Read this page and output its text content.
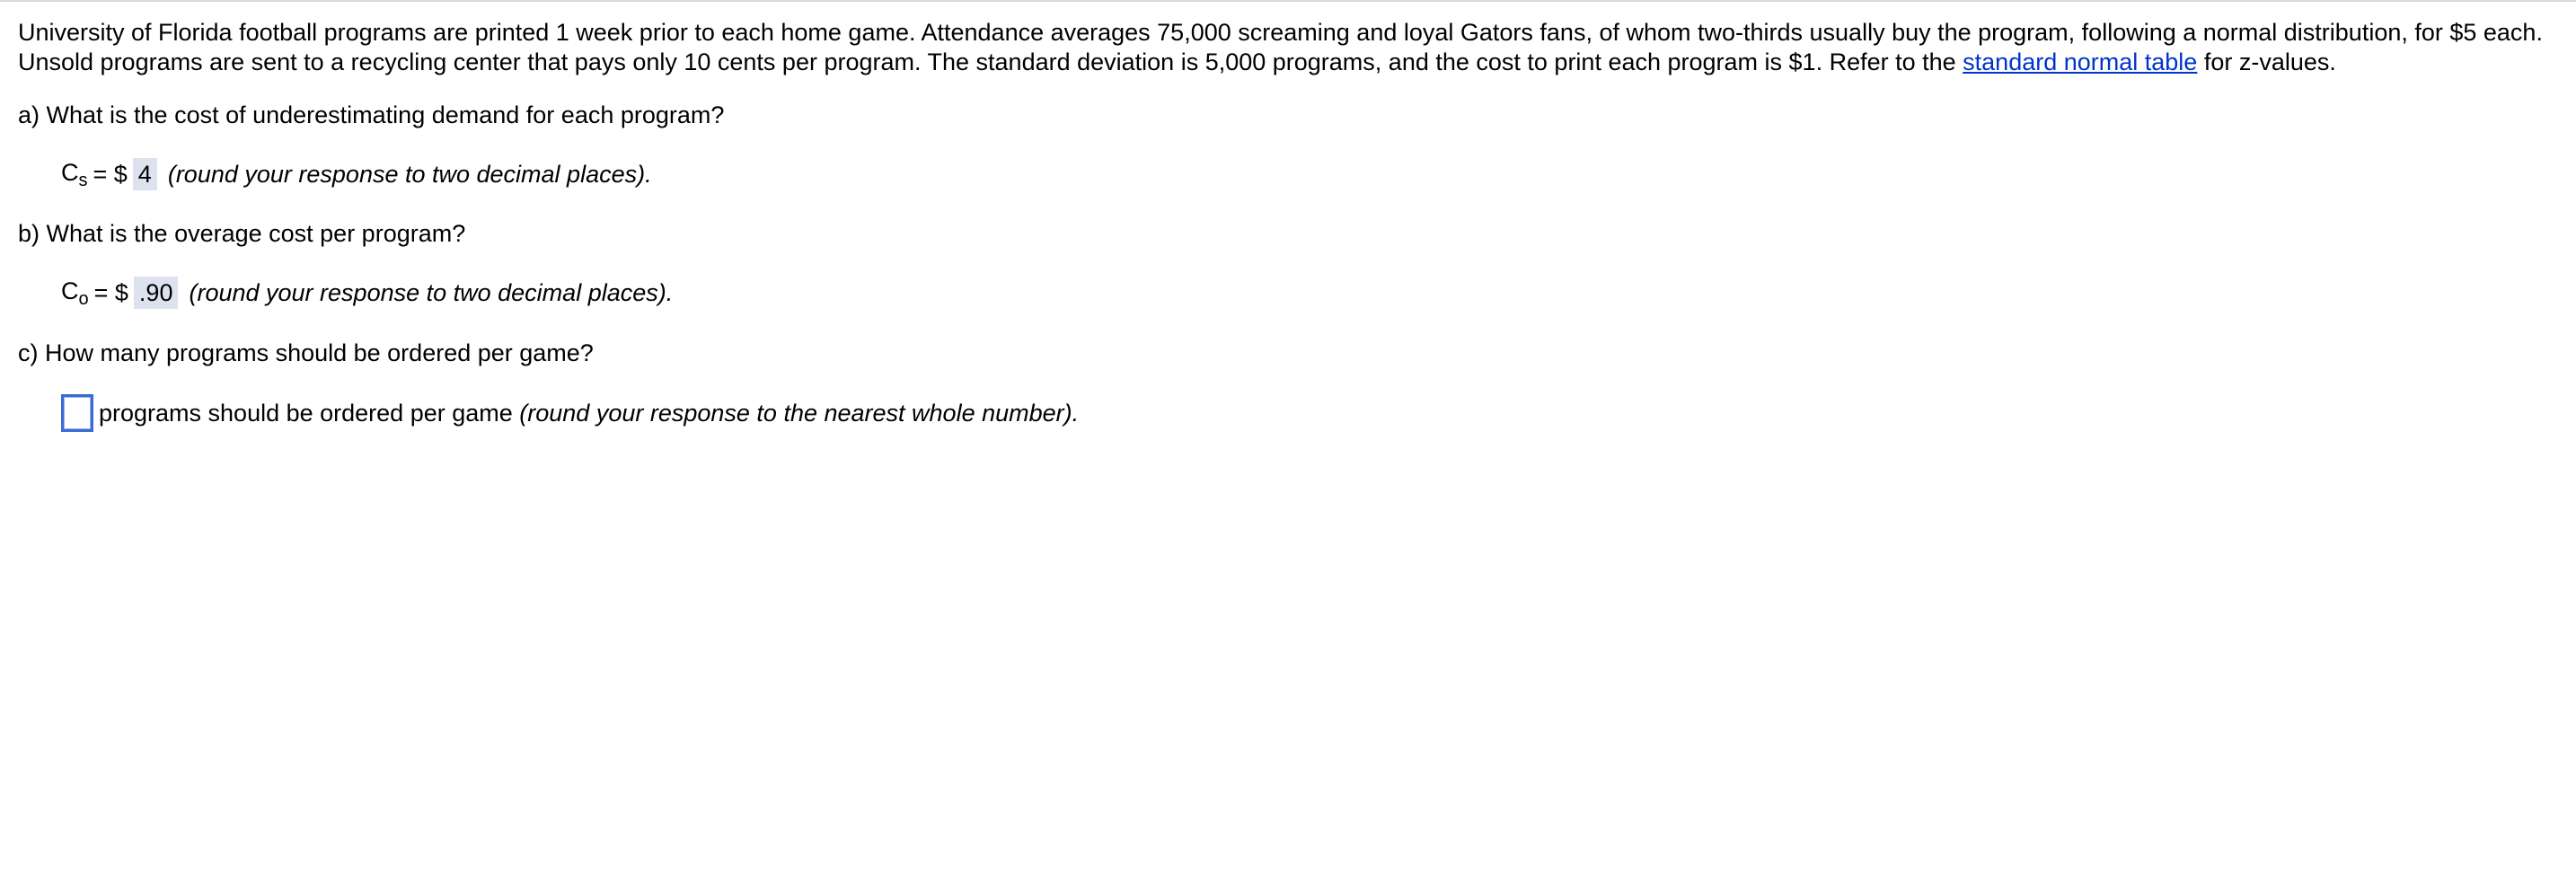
University of Florida football programs are printed 1 week prior to each home game. Attendance averages 75,000 screaming and loyal Gators fans, of whom two-thirds usually buy the program, following a normal distribution, for $5 each. Unsold programs are sent to a recycling center that pays only 10 cents per program. The standard deviation is 5,000 programs, and the cost to print each program is $1. Refer to the standard normal table for z-values.

a) What is the cost of underestimating demand for each program?

$C_s$ = $ 4 (round your response to two decimal places).

b) What is the overage cost per program?

$C_o$ = $ .90 (round your response to two decimal places).

c) How many programs should be ordered per game?

programs should be ordered per game (round your response to the nearest whole number).
